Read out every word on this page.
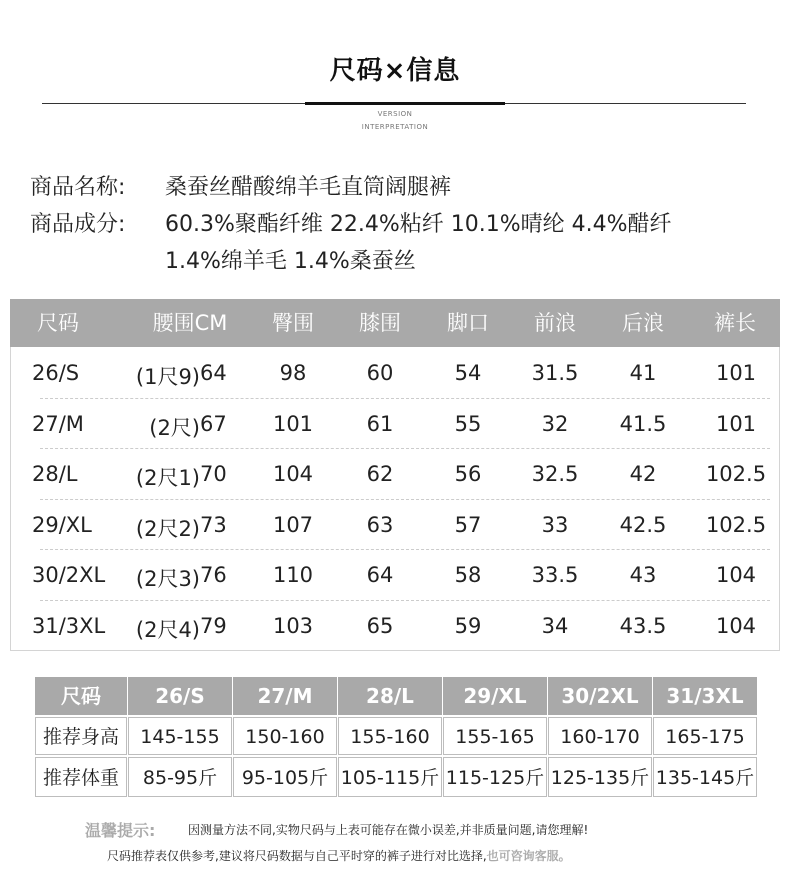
尺码×信息
VERSION
INTERPRETATION
商品名称: 桑蚕丝醋酸绵羊毛直筒阔腿裤
商品成分: 60.3%聚酯纤维 22.4%粘纤 10.1%晴纶 4.4%醋纤
1.4%绵羊毛 1.4%桑蚕丝
尺码	腰围CM	臀围	膝围	脚口	前浪	后浪	裤长
26/S	(1尺9) 64	98	60	54	31.5	41	101
27/M	(2尺) 67	101	61	55	32	41.5	101
28/L	(2尺1) 70	104	62	56	32.5	42	102.5
29/XL	(2尺2) 73	107	63	57	33	42.5	102.5
30/2XL	(2尺3) 76	110	64	58	33.5	43	104
31/3XL	(2尺4) 79	103	65	59	34	43.5	104
尺码	26/S	27/M	28/L	29/XL	30/2XL	31/3XL
推荐身高	145-155	150-160	155-160	155-165	160-170	165-175
推荐体重	85-95斤	95-105斤 105-115斤 115-125斤 125-135斤 135-145斤
温馨提示:	因测量方法不同,实物尺码与上表可能存在微小误差,并非质量问题,请您理解!
尺码推荐表仅供参考,建议将尺码数据与自己平时穿的裤子进行对比选择,也可咨询客服。
